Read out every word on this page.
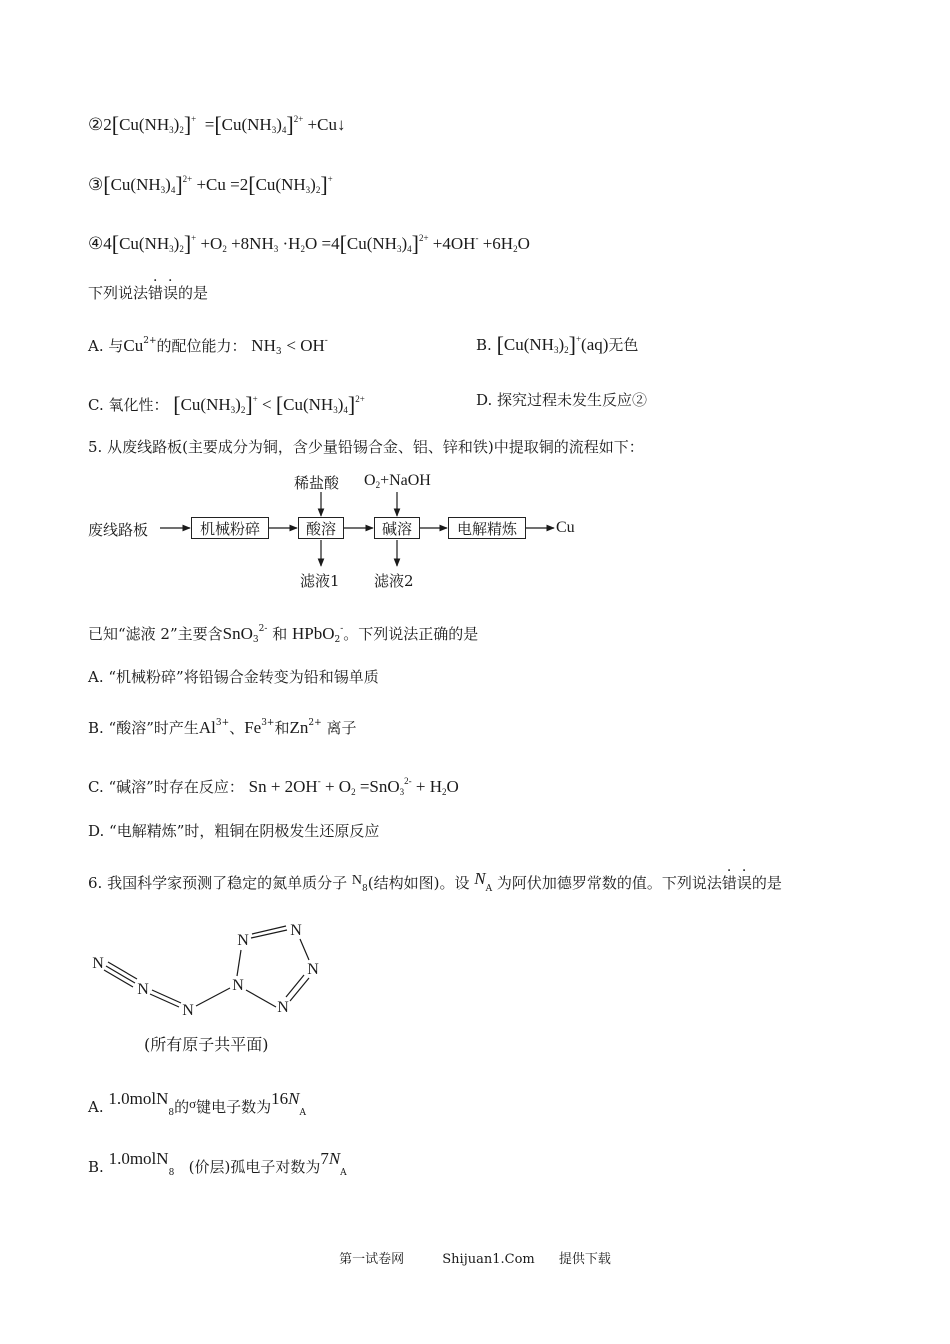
$②2[Cu(NH_3)_2]^+ =[Cu(NH_3)_4]^{2+}$ +Cu↓
$③[Cu(NH_3)_4]^{2+} +Cu =2[Cu(NH_3)_2]^+$
$④4[Cu(NH_3)_2]^+ +O_2 +8NH_3 \cdot H_2O =4[Cu(NH_3)_4]^{2+} +4OH^- +6H_2O$
下列说法错误的是
A. 与$Cu^{2+}$的配位能力： $NH_3 < OH^-$	B. $[Cu(NH_3)_2]^+(aq)$无色
C. 氧化性： $[Cu(NH_3)_2]^+ < [Cu(NH_3)_4]^{2+}$	D. 探究过程未发生反应②
5. 从废线路板(主要成分为铜，含少量铅锡合金、铝、锌和铁)中提取铜的流程如下：
废线路板	机械粉碎	酸溶	碱溶	电解精炼	Cu
稀盐酸 $O_2+NaOH$
滤液1 滤液2
已知“滤液 2”主要含SnO$_3^{2-}$ 和 HPbO$_2$-。下列说法正确的是
A. “机械粉碎”将铅锡合金转变为铅和锡单质
B. “酸溶”时产生$Al^{3+}$、$Fe^{3+}$和$Zn^{2+}$ 离子
C. “碱溶”时存在反应： $Sn + 2OH^- + O_2 =SnO_3^{2-} + H_2O$
D. “电解精炼”时，粗铜在阴极发生还原反应
6. 我国科学家预测了稳定的氮单质分子 $N_8$(结构如图)。设 $N_A$ 为阿伏加德罗常数的值。下列说法错误的是
N
N
N
N
N
N
N
N
(所有原子共平面)
A. 1.0molN$_8$的σ键电子数为$16N_A$
B. 1.0molN$_8$ (价层)孤电子对数为$7N_A$
第一试卷网	Shijuan1.Com 提供下载
